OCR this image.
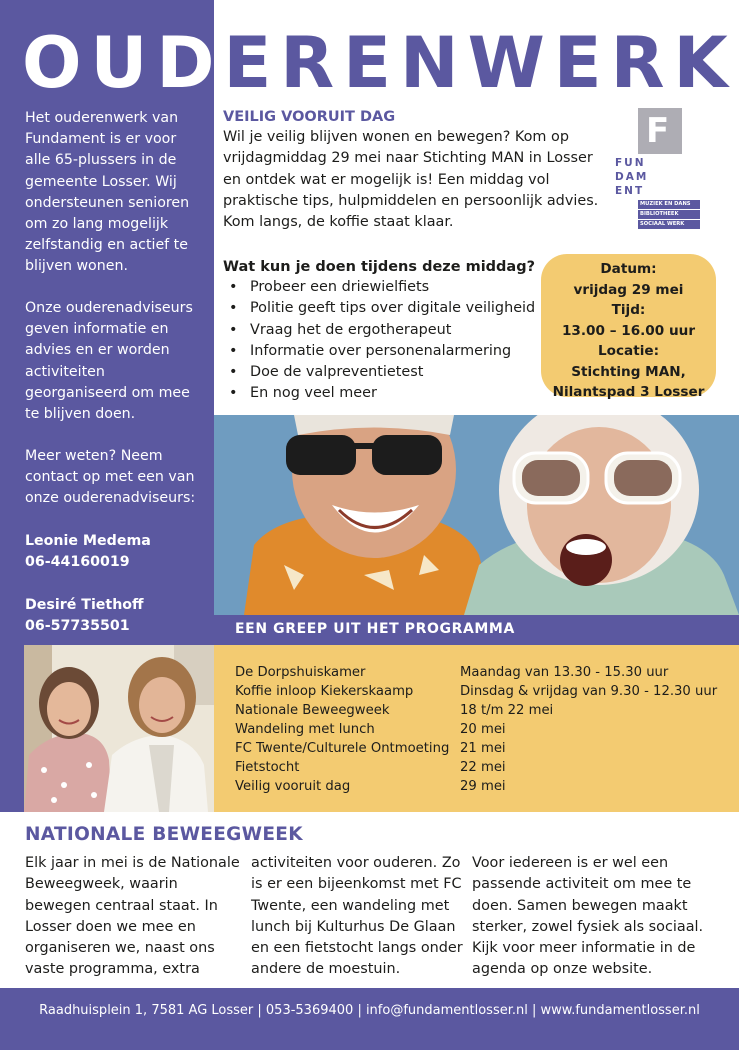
OUDERENWERK

Het ouderenwerk van Fundament is er voor alle 65-plussers in de gemeente Losser. Wij ondersteunen senioren om zo lang mogelijk zelfstandig en actief te blijven wonen.

Onze ouderenadviseurs geven informatie en advies en er worden activiteiten georganiseerd om mee te blijven doen.

Meer weten? Neem contact op met een van onze ouderenadviseurs:

Leonie Medema
06-44160019
Desiré Tiethoff
06-57735501
VEILIG VOORUIT DAG

Wil je veilig blijven wonen en bewegen? Kom op vrijdagmiddag 29 mei naar Stichting MAN in Losser en ontdek wat er mogelijk is! Een middag vol praktische tips, hulpmiddelen en persoonlijk advies. Kom langs, de koffie staat klaar.

F
FUN
DAM
ENT
MUZIEK EN DANS
BIBLIOTHEEK
SOCIAAL WERK
Wat kun je doen tijdens deze middag?
• Probeer een driewielfiets
• Politie geeft tips over digitale veiligheid
• Vraag het de ergotherapeut
• Informatie over personenalarmering
• Doe de valpreventietest
• En nog veel meer
Datum:
vrijdag 29 mei
Tijd:
13.00 – 16.00 uur
Locatie:
Stichting MAN,
Nilantspad 3 Losser
EEN GREEP UIT HET PROGRAMMA
De Dorpshuiskamer	Maandag van 13.30 - 15.30 uur
Koffie inloop Kiekerskaamp	Dinsdag & vrijdag van 9.30 - 12.30 uur
Nationale Beweegweek	18 t/m 22 mei
Wandeling met lunch	20 mei
FC Twente/Culturele Ontmoeting 21 mei
Fietstocht	22 mei
Veilig vooruit dag	29 mei
NATIONALE BEWEEGWEEK

Elk jaar in mei is de Nationale Beweegweek, waarin bewegen centraal staat. In Losser doen we mee en organiseren we, naast ons vaste programma, extra

activiteiten voor ouderen. Zo is er een bijeenkomst met FC Twente, een wandeling met lunch bij Kulturhus De Glaan en een fietstocht langs onder andere de moestuin.

Voor iedereen is er wel een passende activiteit om mee te doen. Samen bewegen maakt sterker, zowel fysiek als sociaal. Kijk voor meer informatie in de agenda op onze website.

Raadhuisplein 1, 7581 AG Losser | 053-5369400 | info@fundamentlosser.nl | www.fundamentlosser.nl
